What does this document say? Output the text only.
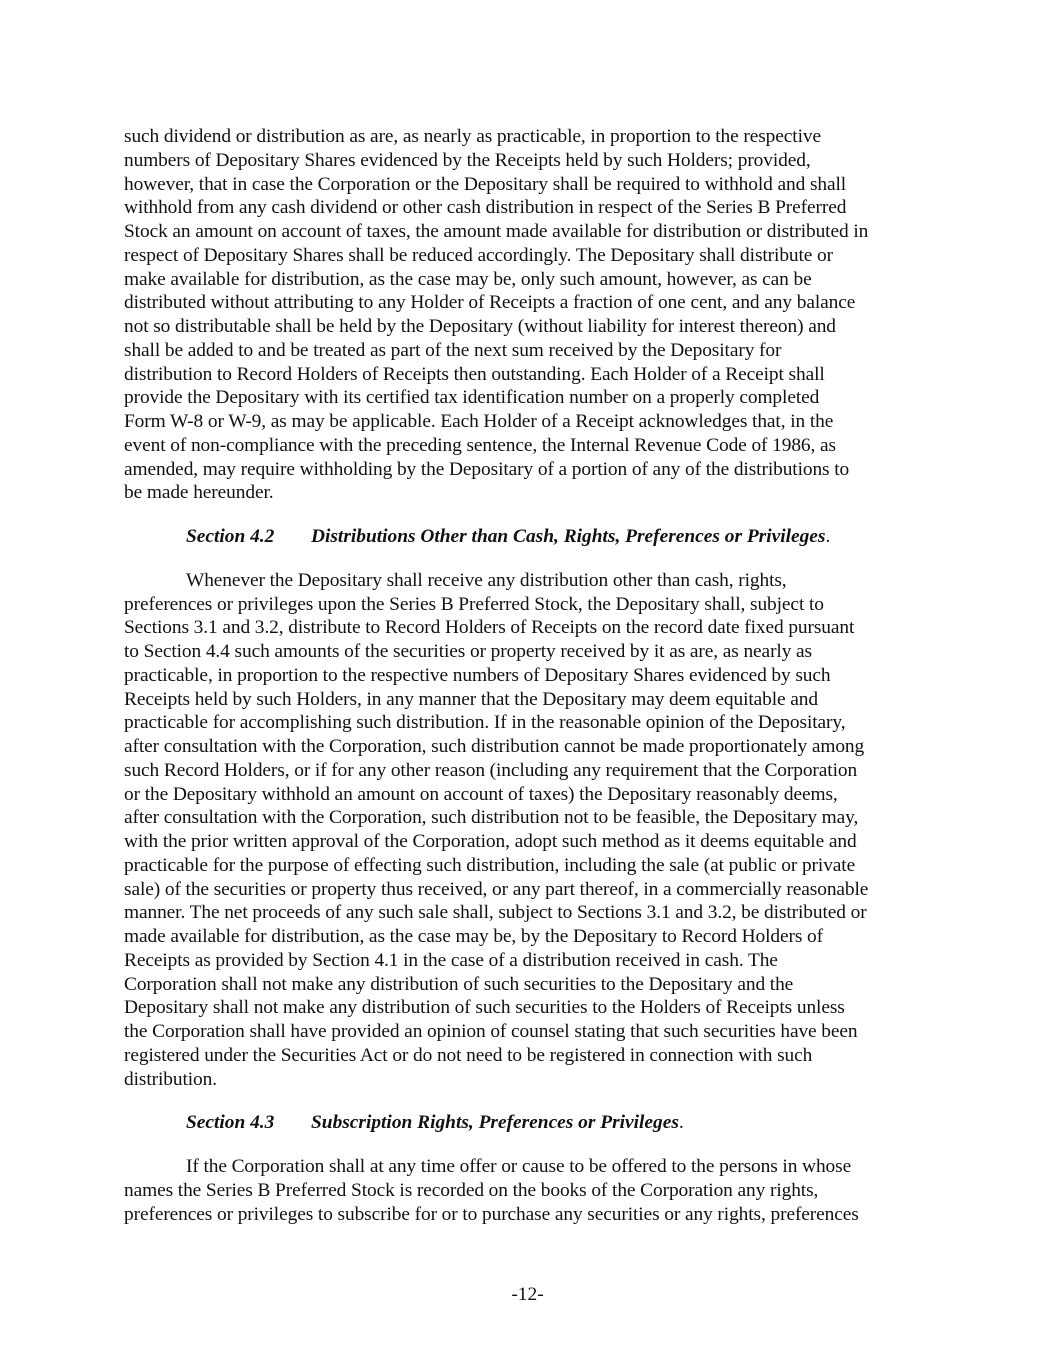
such dividend or distribution as are, as nearly as practicable, in proportion to the respective
numbers of Depositary Shares evidenced by the Receipts held by such Holders; provided,
however, that in case the Corporation or the Depositary shall be required to withhold and shall
withhold from any cash dividend or other cash distribution in respect of the Series B Preferred
Stock an amount on account of taxes, the amount made available for distribution or distributed in
respect of Depositary Shares shall be reduced accordingly. The Depositary shall distribute or
make available for distribution, as the case may be, only such amount, however, as can be
distributed without attributing to any Holder of Receipts a fraction of one cent, and any balance
not so distributable shall be held by the Depositary (without liability for interest thereon) and
shall be added to and be treated as part of the next sum received by the Depositary for
distribution to Record Holders of Receipts then outstanding. Each Holder of a Receipt shall
provide the Depositary with its certified tax identification number on a properly completed
Form W-8 or W-9, as may be applicable. Each Holder of a Receipt acknowledges that, in the
event of non-compliance with the preceding sentence, the Internal Revenue Code of 1986, as
amended, may require withholding by the Depositary of a portion of any of the distributions to
be made hereunder.
Section 4.2 Distributions Other than Cash, Rights, Preferences or Privileges.
Whenever the Depositary shall receive any distribution other than cash, rights,
preferences or privileges upon the Series B Preferred Stock, the Depositary shall, subject to
Sections 3.1 and 3.2, distribute to Record Holders of Receipts on the record date fixed pursuant
to Section 4.4 such amounts of the securities or property received by it as are, as nearly as
practicable, in proportion to the respective numbers of Depositary Shares evidenced by such
Receipts held by such Holders, in any manner that the Depositary may deem equitable and
practicable for accomplishing such distribution. If in the reasonable opinion of the Depositary,
after consultation with the Corporation, such distribution cannot be made proportionately among
such Record Holders, or if for any other reason (including any requirement that the Corporation
or the Depositary withhold an amount on account of taxes) the Depositary reasonably deems,
after consultation with the Corporation, such distribution not to be feasible, the Depositary may,
with the prior written approval of the Corporation, adopt such method as it deems equitable and
practicable for the purpose of effecting such distribution, including the sale (at public or private
sale) of the securities or property thus received, or any part thereof, in a commercially reasonable
manner. The net proceeds of any such sale shall, subject to Sections 3.1 and 3.2, be distributed or
made available for distribution, as the case may be, by the Depositary to Record Holders of
Receipts as provided by Section 4.1 in the case of a distribution received in cash. The
Corporation shall not make any distribution of such securities to the Depositary and the
Depositary shall not make any distribution of such securities to the Holders of Receipts unless
the Corporation shall have provided an opinion of counsel stating that such securities have been
registered under the Securities Act or do not need to be registered in connection with such
distribution.
Section 4.3 Subscription Rights, Preferences or Privileges.
If the Corporation shall at any time offer or cause to be offered to the persons in whose
names the Series B Preferred Stock is recorded on the books of the Corporation any rights,
preferences or privileges to subscribe for or to purchase any securities or any rights, preferences
-12-
